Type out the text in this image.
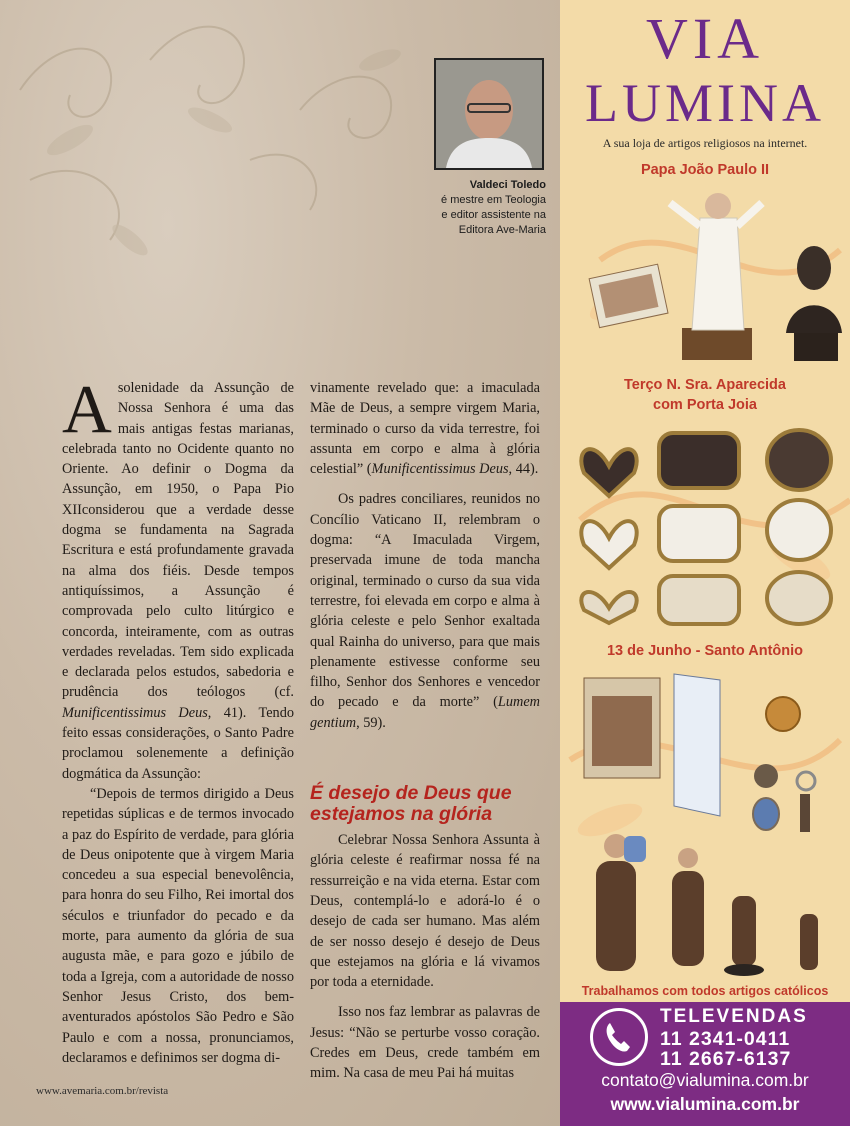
Valdeci Toledo
é mestre em Teologia
e editor assistente na
Editora Ave-Maria

Asolenidade da Assunção de Nossa Senhora é uma das mais antigas festas marianas, celebrada tanto no Ocidente quanto no Oriente. Ao definir o Dogma da Assunção, em 1950, o Papa Pio XIIconsiderou que a verdade desse dogma se fundamenta na Sagrada Escritura e está profundamente gravada na alma dos fiéis. Desde tempos antiquíssimos, a Assunção é comprovada pelo culto litúrgico e concorda, inteiramente, com as outras verdades reveladas. Tem sido explicada e declarada pelos estudos, sabedoria e prudência dos teólogos (cf. Munificentissimus Deus, 41). Tendo feito essas considerações, o Santo Padre proclamou solenemente a definição dogmática da Assunção:

“Depois de termos dirigido a Deus repetidas súplicas e de termos invocado a paz do Espírito de verdade, para glória de Deus onipotente que à virgem Maria concedeu a sua especial benevolência, para honra do seu Filho, Rei imortal dos séculos e triunfador do pecado e da morte, para aumento da glória de sua augusta mãe, e para gozo e júbilo de toda a Igreja, com a autoridade de nosso Senhor Jesus Cristo, dos bem-aventurados apóstolos São Pedro e São Paulo e com a nossa, pronunciamos, declaramos e definimos ser dogma di-

vinamente revelado que: a imaculada Mãe de Deus, a sempre virgem Maria, terminado o curso da vida terrestre, foi assunta em corpo e alma à glória celestial” (Munificentissimus Deus, 44).

Os padres conciliares, reunidos no Concílio Vaticano II, relembram o dogma: “A Imaculada Virgem, preservada imune de toda mancha original, terminado o curso da sua vida terrestre, foi elevada em corpo e alma à glória celeste e pelo Senhor exaltada qual Rainha do universo, para que mais plenamente estivesse conforme seu filho, Senhor dos Senhores e vencedor do pecado e da morte” (Lumem gentium, 59).

É desejo de Deus que estejamos na glória

Celebrar Nossa Senhora Assunta à glória celeste é reafirmar nossa fé na ressurreição e na vida eterna. Estar com Deus, contemplá-lo e adorá-lo é o desejo de cada ser humano. Mas além de ser nosso desejo é desejo de Deus que estejamos na glória e lá vivamos por toda a eternidade.

Isso nos faz lembrar as palavras de Jesus: “Não se perturbe vosso coração. Credes em Deus, crede também em mim. Na casa de meu Pai há muitas

www.avemaria.com.br/revista
VIA
LUMINA
A sua loja de artigos religiosos na internet.
Papa João Paulo II
Terço N. Sra. Aparecida
com Porta Joia
13 de Junho - Santo Antônio
Trabalhamos com todos artigos católicos
TELEVENDAS
11 2341-0411
11 2667-6137
contato@vialumina.com.br
www.vialumina.com.br
